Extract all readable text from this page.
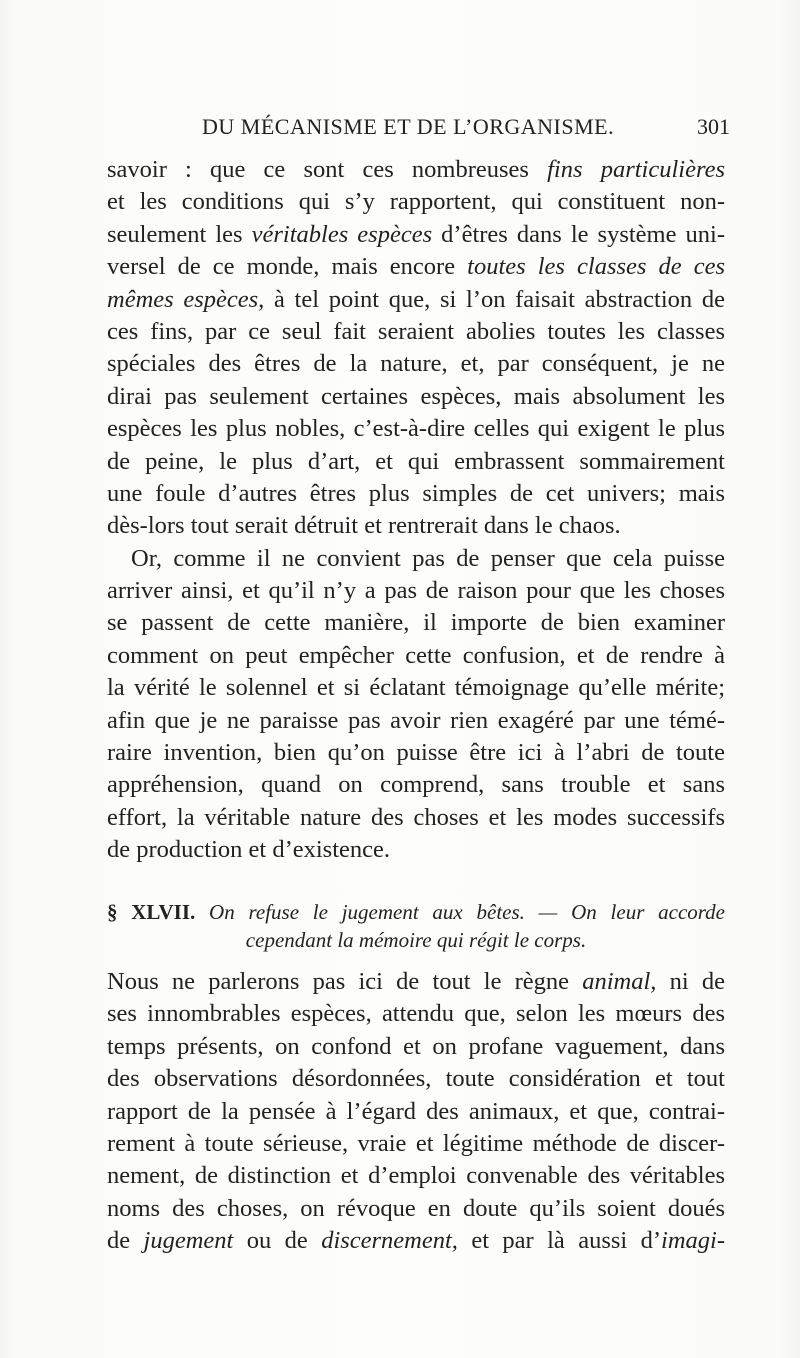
DU MÉCANISME ET DE L’ORGANISME.	301
savoir : que ce sont ces nombreuses fins particulières
et les conditions qui s’y rapportent, qui constituent non-
seulement les véritables espèces d’êtres dans le système uni-
versel de ce monde, mais encore toutes les classes de ces
mêmes espèces, à tel point que, si l’on faisait abstraction de
ces fins, par ce seul fait seraient abolies toutes les classes
spéciales des êtres de la nature, et, par conséquent, je ne
dirai pas seulement certaines espèces, mais absolument les
espèces les plus nobles, c’est-à-dire celles qui exigent le plus
de peine, le plus d’art, et qui embrassent sommairement
une foule d’autres êtres plus simples de cet univers; mais
dès-lors tout serait détruit et rentrerait dans le chaos.
Or, comme il ne convient pas de penser que cela puisse
arriver ainsi, et qu’il n’y a pas de raison pour que les choses
se passent de cette manière, il importe de bien examiner
comment on peut empêcher cette confusion, et de rendre à
la vérité le solennel et si éclatant témoignage qu’elle mérite;
afin que je ne paraisse pas avoir rien exagéré par une témé-
raire invention, bien qu’on puisse être ici à l’abri de toute
appréhension, quand on comprend, sans trouble et sans
effort, la véritable nature des choses et les modes successifs
de production et d’existence.
§ XLVII. On refuse le jugement aux bêtes. — On leur accorde
cependant la mémoire qui régit le corps.
Nous ne parlerons pas ici de tout le règne animal, ni de
ses innombrables espèces, attendu que, selon les mœurs des
temps présents, on confond et on profane vaguement, dans
des observations désordonnées, toute considération et tout
rapport de la pensée à l’égard des animaux, et que, contrai-
rement à toute sérieuse, vraie et légitime méthode de discer-
nement, de distinction et d’emploi convenable des véritables
noms des choses, on révoque en doute qu’ils soient doués
de jugement ou de discernement, et par là aussi d’imagi-
